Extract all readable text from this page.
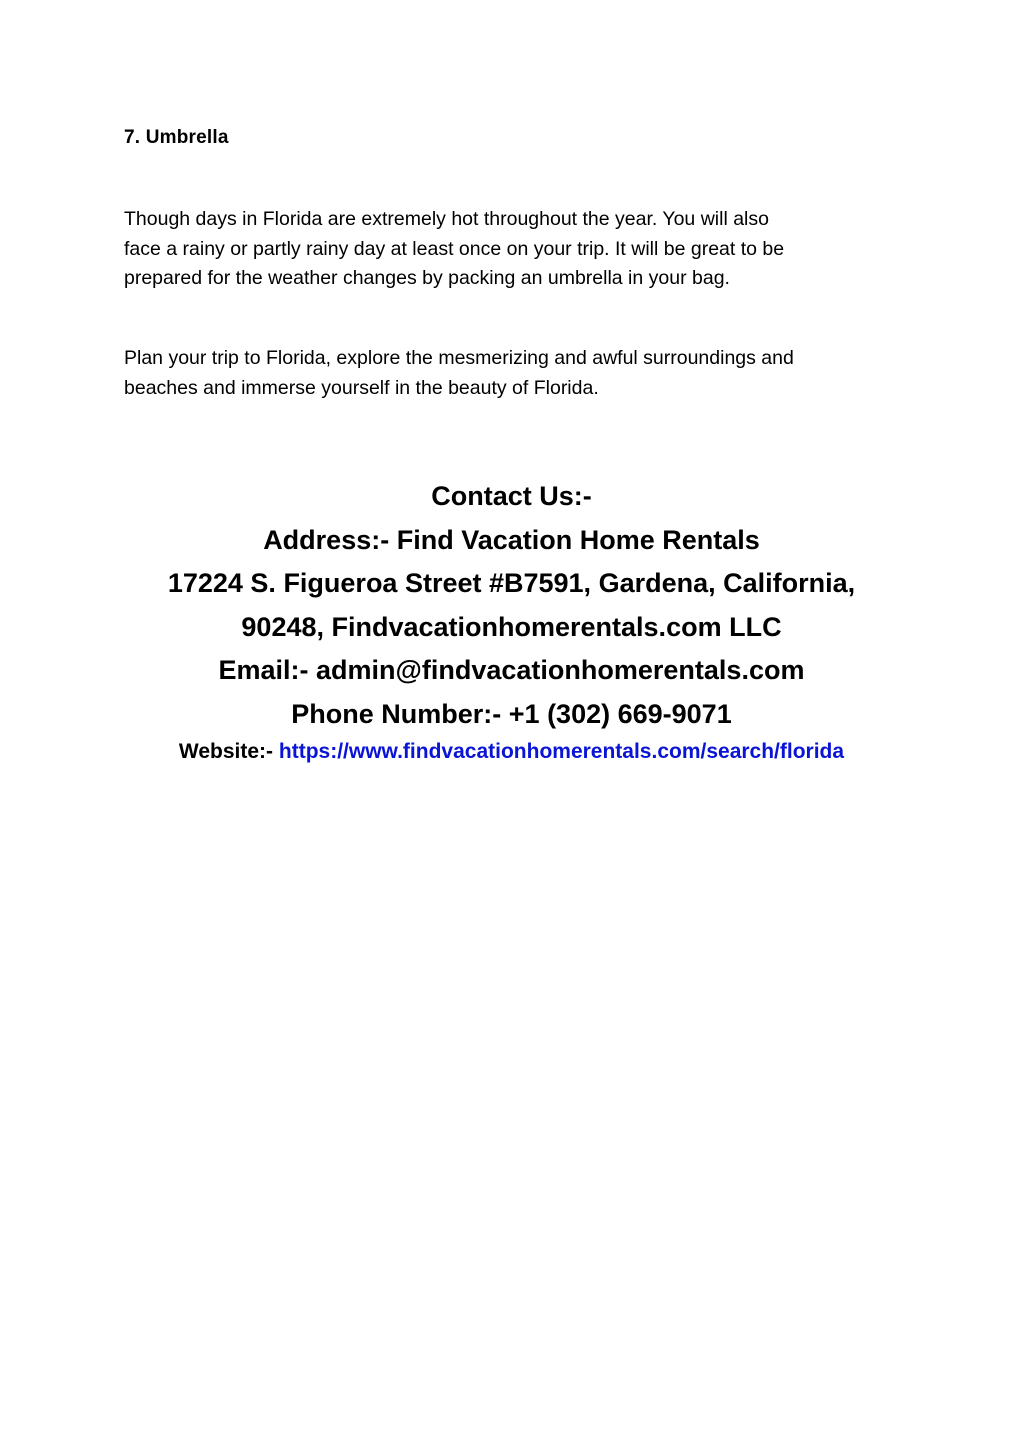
7. Umbrella

Though days in Florida are extremely hot throughout the year. You will also
face a rainy or partly rainy day at least once on your trip. It will be great to be
prepared for the weather changes by packing an umbrella in your bag.

Plan your trip to Florida, explore the mesmerizing and awful surroundings and
beaches and immerse yourself in the beauty of Florida.

Contact Us:-
Address:- Find Vacation Home Rentals
17224 S. Figueroa Street #B7591, Gardena, California,
90248, Findvacationhomerentals.com LLC
Email:- admin@findvacationhomerentals.com
Phone Number:- +1 (302) 669-9071
Website:- https://www.findvacationhomerentals.com/search/florida
